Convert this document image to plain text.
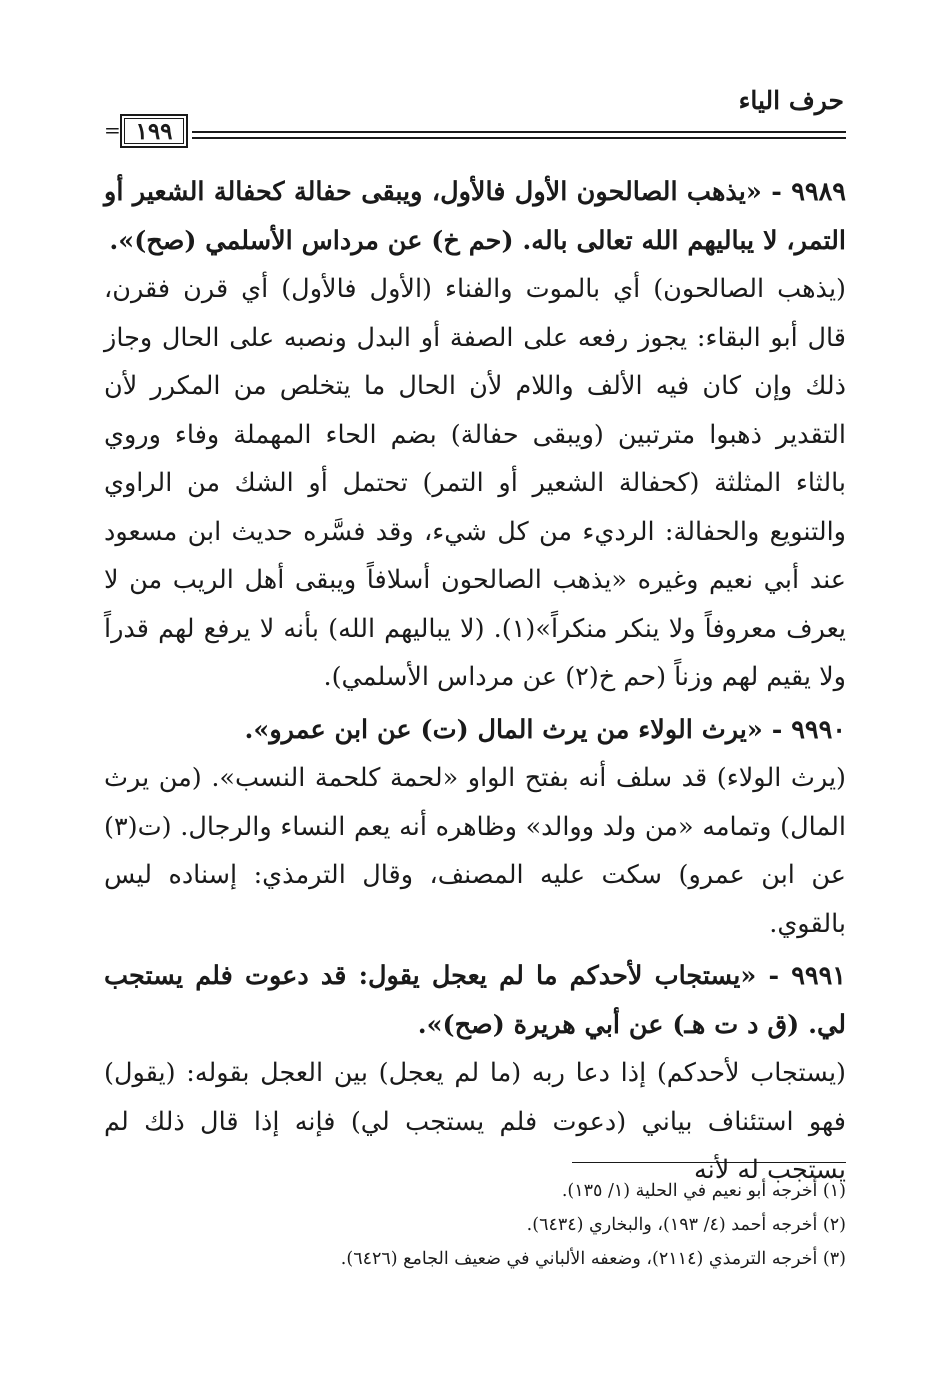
حرف الياء
= ١٩٩

٩٩٨٩ - «يذهب الصالحون الأول فالأول، ويبقى حفالة كحفالة الشعير أو التمر، لا يباليهم الله تعالى باله. (حم خ) عن مرداس الأسلمي (صح)».

(يذهب الصالحون) أي بالموت والفناء (الأول فالأول) أي قرن فقرن، قال أبو البقاء: يجوز رفعه على الصفة أو البدل ونصبه على الحال وجاز ذلك وإن كان فيه الألف واللام لأن الحال ما يتخلص من المكرر لأن التقدير ذهبوا مترتبين (ويبقى حفالة) بضم الحاء المهملة وفاء وروي بالثاء المثلثة (كحفالة الشعير أو التمر) تحتمل أو الشك من الراوي والتنويع والحفالة: الرديء من كل شيء، وقد فسَّره حديث ابن مسعود عند أبي نعيم وغيره «يذهب الصالحون أسلافاً ويبقى أهل الريب من لا يعرف معروفاً ولا ينكر منكراً»(١). (لا يباليهم الله) بأنه لا يرفع لهم قدراً ولا يقيم لهم وزناً (حم خ(٢) عن مرداس الأسلمي).

٩٩٩٠ - «يرث الولاء من يرث المال (ت) عن ابن عمرو».

(يرث الولاء) قد سلف أنه بفتح الواو «لحمة كلحمة النسب». (من يرث المال) وتمامه «من ولد ووالد» وظاهره أنه يعم النساء والرجال. (ت(٣) عن ابن عمرو) سكت عليه المصنف، وقال الترمذي: إسناده ليس بالقوي.

٩٩٩١ - «يستجاب لأحدكم ما لم يعجل يقول: قد دعوت فلم يستجب لي. (ق د ت هـ) عن أبي هريرة (صح)».

(يستجاب لأحدكم) إذا دعا ربه (ما لم يعجل) بين العجل بقوله: (يقول) فهو استئناف بياني (دعوت فلم يستجب لي) فإنه إذا قال ذلك لم يستجب له لأنه

(١) أخرجه أبو نعيم في الحلية (١/ ١٣٥).
(٢) أخرجه أحمد (٤/ ١٩٣)، والبخاري (٦٤٣٤).
(٣) أخرجه الترمذي (٢١١٤)، وضعفه الألباني في ضعيف الجامع (٦٤٢٦).
